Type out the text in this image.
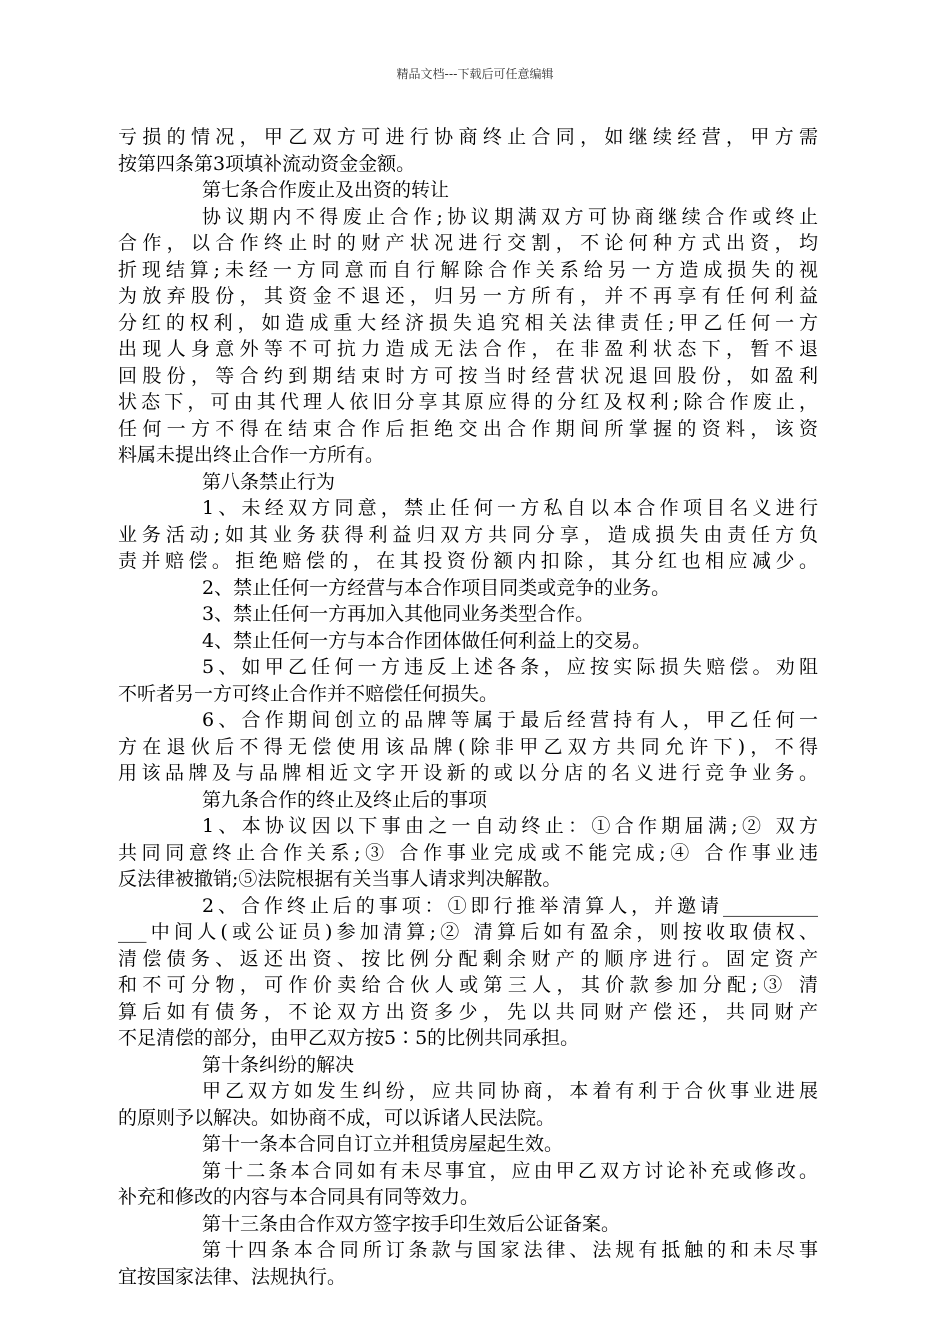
精品文档---下载后可任意编辑
亏损的情况，甲乙双方可进行协商终止合同，如继续经营，甲方需
按第四条第3项填补流动资金金额。
第七条合作废止及出资的转让
协议期内不得废止合作;协议期满双方可协商继续合作或终止
合作，以合作终止时的财产状况进行交割，不论何种方式出资，均
折现结算;未经一方同意而自行解除合作关系给另一方造成损失的视
为放弃股份，其资金不退还，归另一方所有，并不再享有任何利益
分红的权利，如造成重大经济损失追究相关法律责任;甲乙任何一方
出现人身意外等不可抗力造成无法合作，在非盈利状态下，暂不退
回股份，等合约到期结束时方可按当时经营状况退回股份，如盈利
状态下，可由其代理人依旧分享其原应得的分红及权利;除合作废止，
任何一方不得在结束合作后拒绝交出合作期间所掌握的资料，该资
料属未提出终止合作一方所有。
第八条禁止行为
1、未经双方同意，禁止任何一方私自以本合作项目名义进行
业务活动;如其业务获得利益归双方共同分享，造成损失由责任方负
责并赔偿。拒绝赔偿的，在其投资份额内扣除，其分红也相应减少。
2、禁止任何一方经营与本合作项目同类或竞争的业务。
3、禁止任何一方再加入其他同业务类型合作。
4、禁止任何一方与本合作团体做任何利益上的交易。
5、如甲乙任何一方违反上述各条，应按实际损失赔偿。劝阻
不听者另一方可终止合作并不赔偿任何损失。
6、合作期间创立的品牌等属于最后经营持有人，甲乙任何一
方在退伙后不得无偿使用该品牌(除非甲乙双方共同允许下)，不得
用该品牌及与品牌相近文字开设新的或以分店的名义进行竞争业务。
第九条合作的终止及终止后的事项
1、本协议因以下事由之一自动终止：①合作期届满;② 双方
共同同意终止合作关系;③ 合作事业完成或不能完成;④ 合作事业违
反法律被撤销;⑤法院根据有关当事人请求判决解散。
2、合作终止后的事项：①即行推举清算人，并邀请__________
___中间人(或公证员)参加清算;② 清算后如有盈余，则按收取债权、
清偿债务、返还出资、按比例分配剩余财产的顺序进行。固定资产
和不可分物，可作价卖给合伙人或第三人，其价款参加分配;③ 清
算后如有债务，不论双方出资多少，先以共同财产偿还，共同财产
不足清偿的部分，由甲乙双方按5∶5的比例共同承担。
第十条纠纷的解决
甲乙双方如发生纠纷，应共同协商，本着有利于合伙事业进展
的原则予以解决。如协商不成，可以诉诸人民法院。
第十一条本合同自订立并租赁房屋起生效。
第十二条本合同如有未尽事宜，应由甲乙双方讨论补充或修改。
补充和修改的内容与本合同具有同等效力。
第十三条由合作双方签字按手印生效后公证备案。
第十四条本合同所订条款与国家法律、法规有抵触的和未尽事
宜按国家法律、法规执行。
